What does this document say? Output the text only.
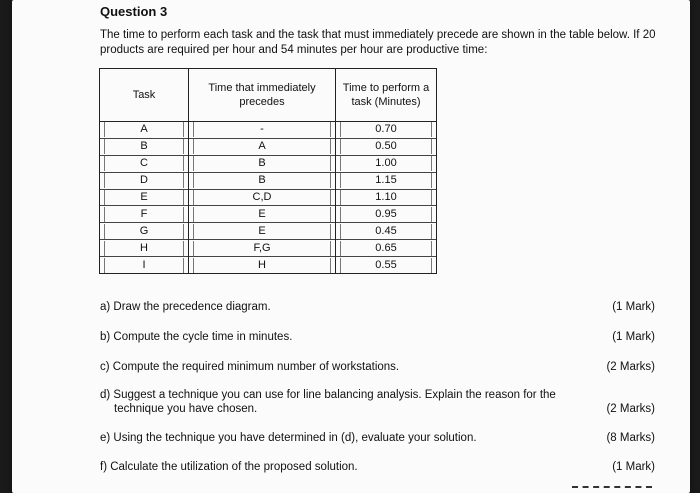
Question 3
The time to perform each task and the task that must immediately precede are shown in the table below. If 20 products are required per hour and 54 minutes per hour are productive time:
Task	Time that immediately precedes	Time to perform a task (Minutes)
A	-	0.70
B	A	0.50
C	B	1.00
D	B	1.15
E	C,D	1.10
F	E	0.95
G	E	0.45
H	F,G	0.65
I	H	0.55
a) Draw the precedence diagram.	(1 Mark)
b) Compute the cycle time in minutes.	(1 Mark)
c) Compute the required minimum number of workstations.	(2 Marks)
d) Suggest a technique you can use for line balancing analysis. Explain the reason for the
technique you have chosen.	(2 Marks)
e) Using the technique you have determined in (d), evaluate your solution.	(8 Marks)
f) Calculate the utilization of the proposed solution.	(1 Mark)
